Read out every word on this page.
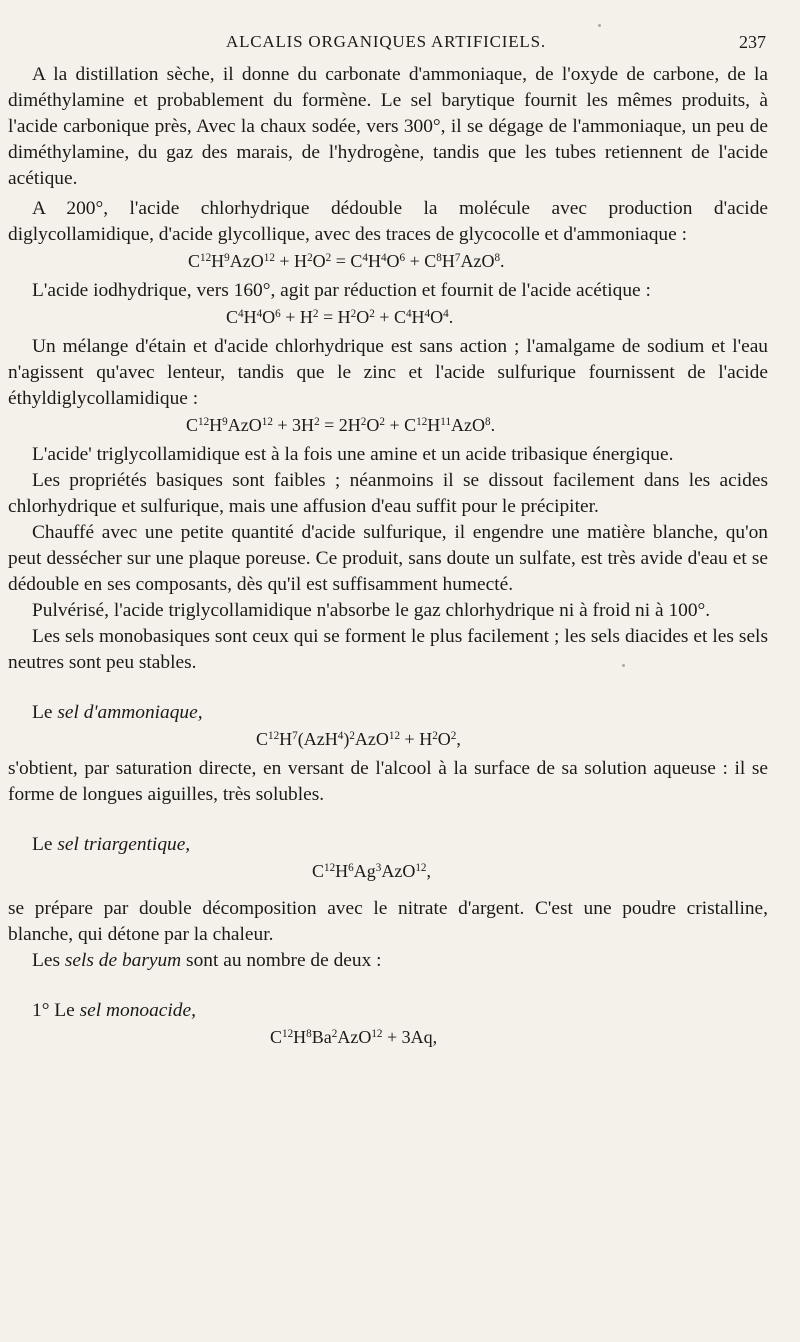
ALCALIS ORGANIQUES ARTIFICIELS.	237

A la distillation sèche, il donne du carbonate d'ammoniaque, de l'oxyde de carbone, de la diméthylamine et probablement du formène. Le sel barytique fournit les mêmes produits, à l'acide carbonique près, Avec la chaux sodée, vers 300°, il se dégage de l'ammoniaque, un peu de diméthylamine, du gaz des marais, de l'hydrogène, tandis que les tubes retiennent de l'acide acétique.

A 200°, l'acide chlorhydrique dédouble la molécule avec production d'acide diglycollamidique, d'acide glycollique, avec des traces de glycocolle et d'ammoniaque :

$C^{12}H^9AzO^{12} + H^2O^2 = C^4H^4O^6 + C^8H^7AzO^8$.

L'acide iodhydrique, vers 160°, agit par réduction et fournit de l'acide acétique :

$C^4H^4O^6 + H^2 = H^2O^2 + C^4H^4O^4$.

Un mélange d'étain et d'acide chlorhydrique est sans action ; l'amalgame de sodium et l'eau n'agissent qu'avec lenteur, tandis que le zinc et l'acide sulfurique fournissent de l'acide éthyldiglycollamidique :

$C^{12}H^9AzO^{12} + 3H^2 = 2H^2O^2 + C^{12}H^{11}AzO^8$.

L'acide' triglycollamidique est à la fois une amine et un acide tribasique énergique.

Les propriétés basiques sont faibles ; néanmoins il se dissout facilement dans les acides chlorhydrique et sulfurique, mais une affusion d'eau suffit pour le précipiter.

Chauffé avec une petite quantité d'acide sulfurique, il engendre une matière blanche, qu'on peut dessécher sur une plaque poreuse. Ce produit, sans doute un sulfate, est très avide d'eau et se dédouble en ses composants, dès qu'il est suffisamment humecté.

Pulvérisé, l'acide triglycollamidique n'absorbe le gaz chlorhydrique ni à froid ni à 100°.

Les sels monobasiques sont ceux qui se forment le plus facilement ; les sels diacides et les sels neutres sont peu stables.

Le sel d'ammoniaque,

$C^{12}H^7(AzH^4)^2AzO^{12} + H^2O^2$,

s'obtient, par saturation directe, en versant de l'alcool à la surface de sa solution aqueuse : il se forme de longues aiguilles, très solubles.

Le sel triargentique,

$C^{12}H^6Ag^3AzO^{12}$,

se prépare par double décomposition avec le nitrate d'argent. C'est une poudre cristalline, blanche, qui détone par la chaleur.

Les sels de baryum sont au nombre de deux :

1° Le sel monoacide,

$C^{12}H^8Ba^2AzO^{12} + 3Aq$,
